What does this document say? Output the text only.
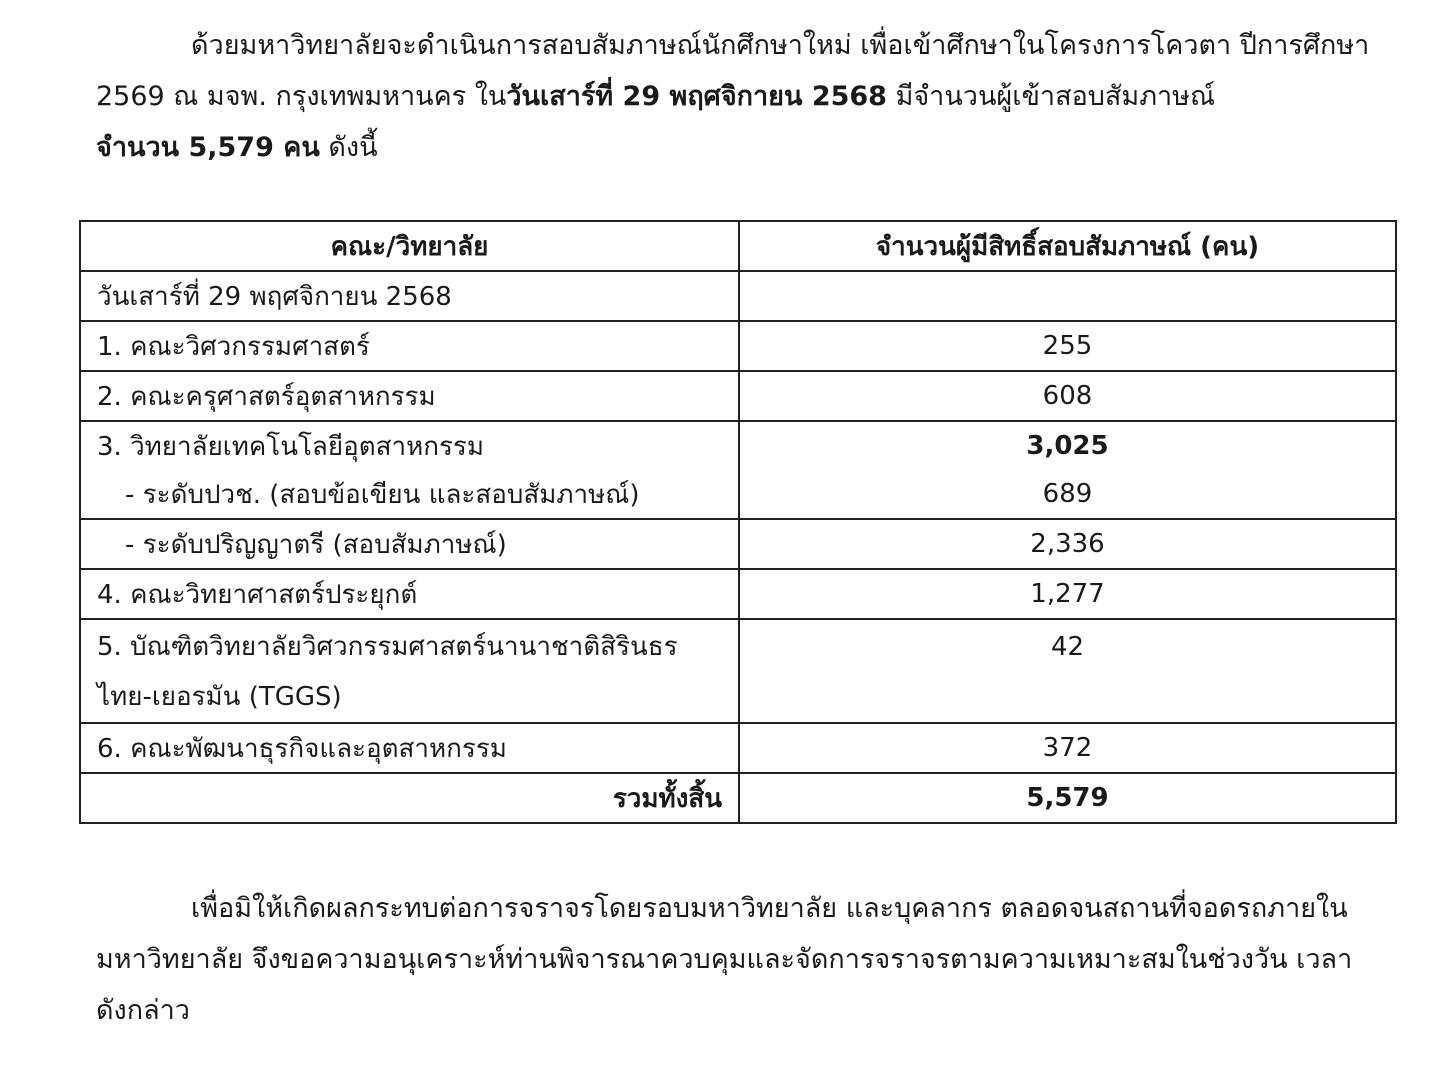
ด้วยมหาวิทยาลัยจะดำเนินการสอบสัมภาษณ์นักศึกษาใหม่ เพื่อเข้าศึกษาในโครงการโควตา ปีการศึกษา
2569 ณ มจพ. กรุงเทพมหานคร ในวันเสาร์ที่ 29 พฤศจิกายน 2568 มีจำนวนผู้เข้าสอบสัมภาษณ์
จำนวน 5,579 คน ดังนี้
คณะ/วิทยาลัย	จำนวนผู้มีสิทธิ์สอบสัมภาษณ์ (คน)
วันเสาร์ที่ 29 พฤศจิกายน 2568	
1. คณะวิศวกรรมศาสตร์	255
2. คณะครุศาสตร์อุตสาหกรรม	608
3. วิทยาลัยเทคโนโลยีอุตสาหกรรม	3,025
- ระดับปวช. (สอบข้อเขียน และสอบสัมภาษณ์)	689
- ระดับปริญญาตรี (สอบสัมภาษณ์)	2,336
4. คณะวิทยาศาสตร์ประยุกต์	1,277

5. บัณฑิตวิทยาลัยวิศวกรรมศาสตร์นานาชาติสิรินธร
ไทย-เยอรมัน (TGGS)	42
6. คณะพัฒนาธุรกิจและอุตสาหกรรม	372
รวมทั้งสิ้น	5,579
เพื่อมิให้เกิดผลกระทบต่อการจราจรโดยรอบมหาวิทยาลัย และบุคลากร ตลอดจนสถานที่จอดรถภายใน
มหาวิทยาลัย จึงขอความอนุเคราะห์ท่านพิจารณาควบคุมและจัดการจราจรตามความเหมาะสมในช่วงวัน เวลา
ดังกล่าว
